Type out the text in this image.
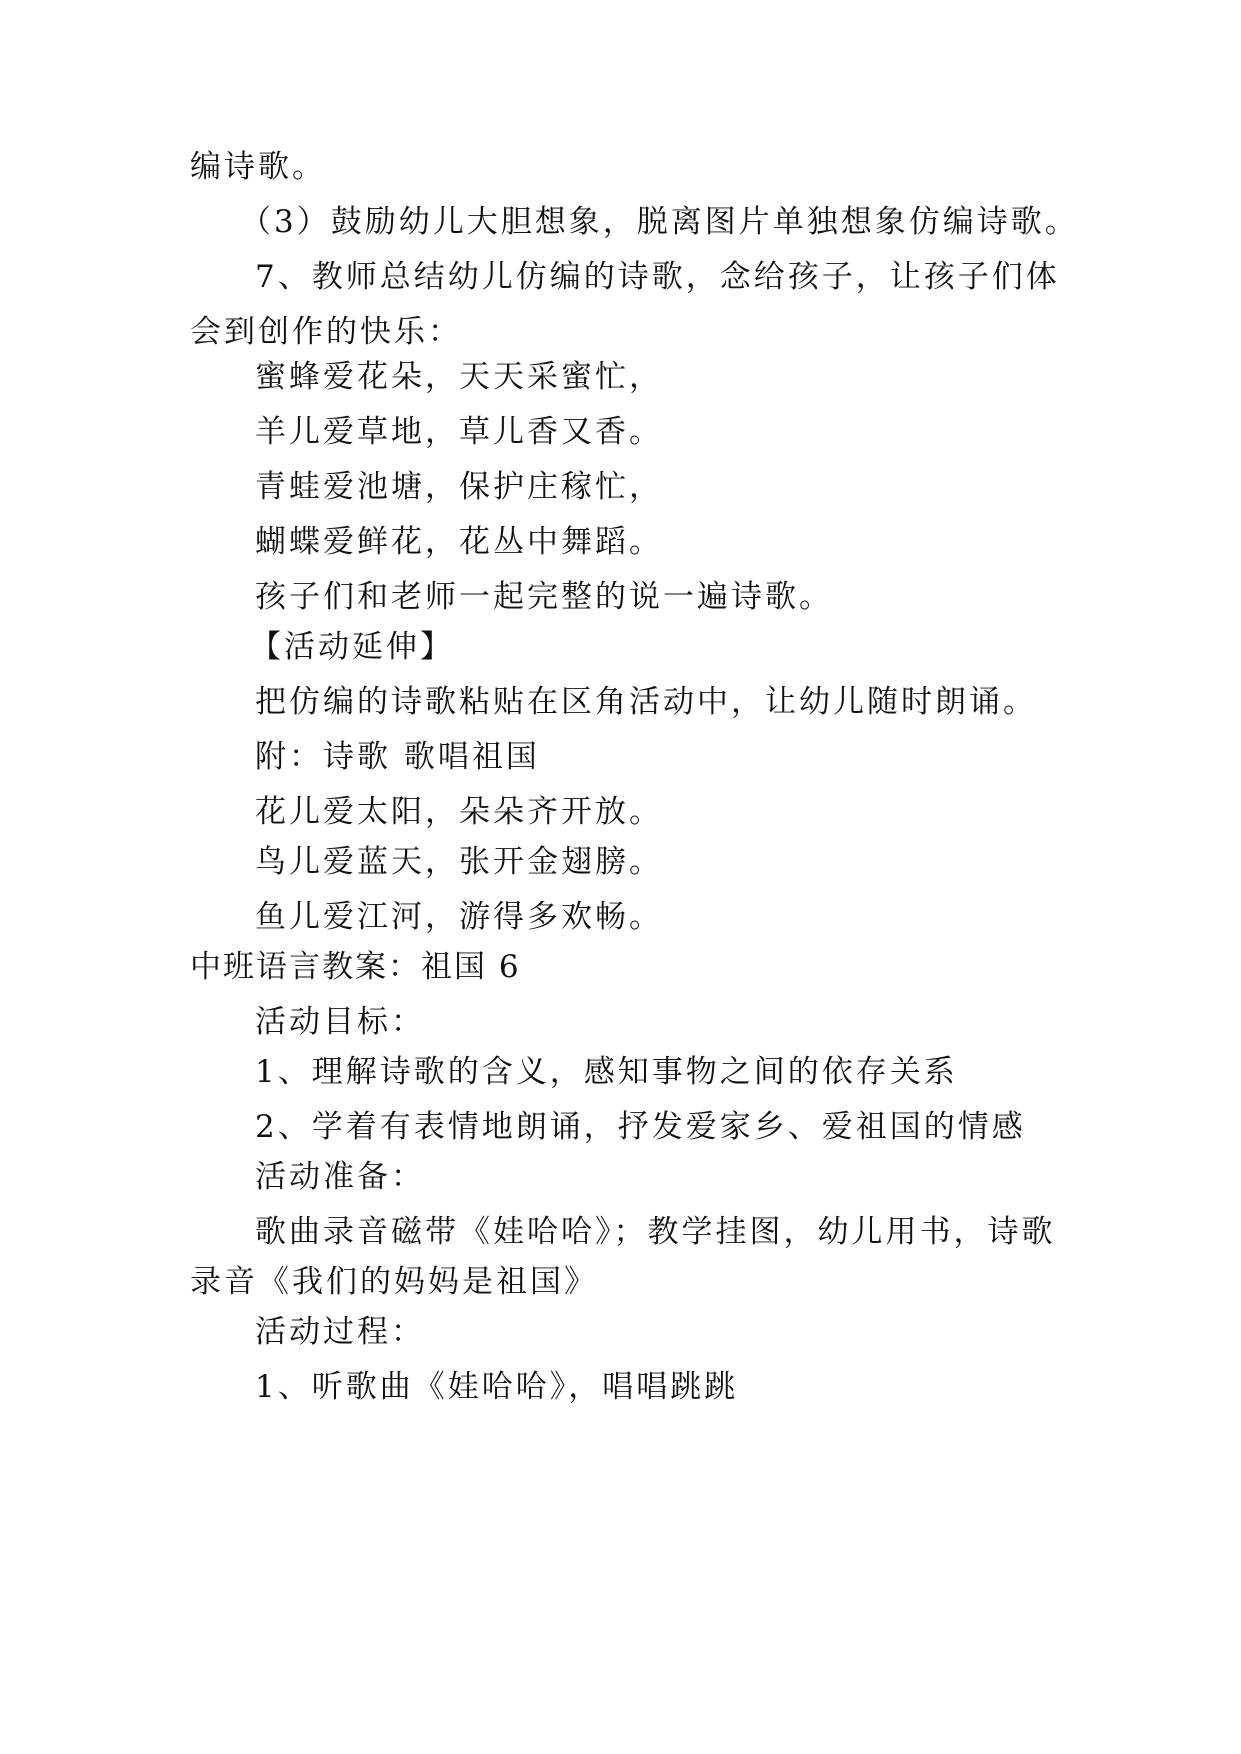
编诗歌。

（3）鼓励幼儿大胆想象，脱离图片单独想象仿编诗歌。

7、教师总结幼儿仿编的诗歌，念给孩子，让孩子们体

会到创作的快乐：

蜜蜂爱花朵，天天采蜜忙，

羊儿爱草地，草儿香又香。

青蛙爱池塘，保护庄稼忙，

蝴蝶爱鲜花，花丛中舞蹈。

孩子们和老师一起完整的说一遍诗歌。

【活动延伸】

把仿编的诗歌粘贴在区角活动中，让幼儿随时朗诵。

附：诗歌 歌唱祖国

花儿爱太阳，朵朵齐开放。

鸟儿爱蓝天，张开金翅膀。

鱼儿爱江河，游得多欢畅。

中班语言教案：祖国 6

活动目标：

1、理解诗歌的含义，感知事物之间的依存关系

2、学着有表情地朗诵，抒发爱家乡、爱祖国的情感

活动准备：

歌曲录音磁带《娃哈哈》；教学挂图，幼儿用书，诗歌

录音《我们的妈妈是祖国》

活动过程：

1、听歌曲《娃哈哈》，唱唱跳跳
